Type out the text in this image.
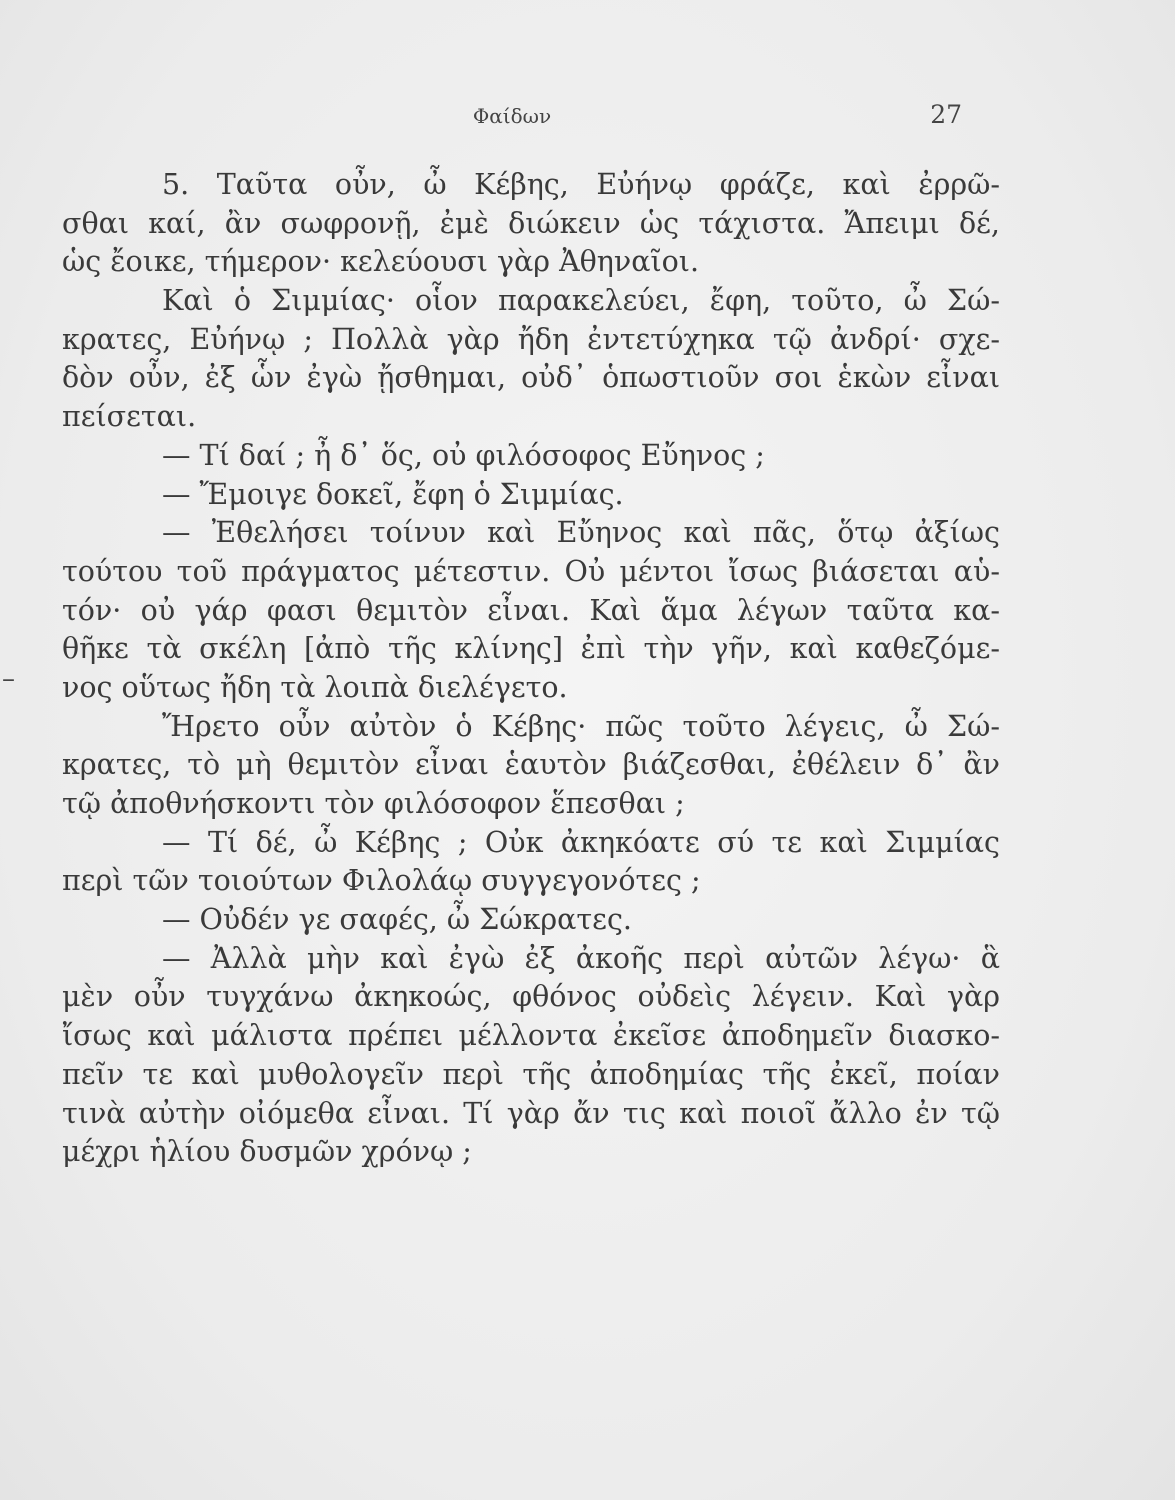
Φαίδων	27
–
5. Ταῦτα οὖν, ὦ Κέβης, Εὐήνῳ φράζε, καὶ ἐρρῶ-
σθαι καί, ἂν σωφρονῇ, ἐμὲ διώκειν ὡς τάχιστα. Ἄπειμι δέ,
ὡς ἔοικε, τήμερον· κελεύουσι γὰρ Ἀθηναῖοι.
Καὶ ὁ Σιμμίας· οἷον παρακελεύει, ἔφη, τοῦτο, ὦ Σώ-
κρατες, Εὐήνῳ ; Πολλὰ γὰρ ἤδη ἐντετύχηκα τῷ ἀνδρί· σχε-
δὸν οὖν, ἐξ ὧν ἐγὼ ᾔσθημαι, οὐδ᾽ ὁπωστιοῦν σοι ἑκὼν εἶναι
πείσεται.
— Τί δαί ; ἦ δ᾽ ὅς, οὐ φιλόσοφος Εὔηνος ;
— Ἔμοιγε δοκεῖ, ἔφη ὁ Σιμμίας.
— Ἐθελήσει τοίνυν καὶ Εὔηνος καὶ πᾶς, ὅτῳ ἀξίως
τούτου τοῦ πράγματος μέτεστιν. Οὐ μέντοι ἴσως βιάσεται αὑ-
τόν· οὐ γάρ φασι θεμιτὸν εἶναι. Καὶ ἅμα λέγων ταῦτα κα-
θῆκε τὰ σκέλη [ἀπὸ τῆς κλίνης] ἐπὶ τὴν γῆν, καὶ καθεζόμε-
νος οὕτως ἤδη τὰ λοιπὰ διελέγετο.
Ἤρετο οὖν αὐτὸν ὁ Κέβης· πῶς τοῦτο λέγεις, ὦ Σώ-
κρατες, τὸ μὴ θεμιτὸν εἶναι ἑαυτὸν βιάζεσθαι, ἐθέλειν δ᾽ ἂν
τῷ ἀποθνήσκοντι τὸν φιλόσοφον ἕπεσθαι ;
— Τί δέ, ὦ Κέβης ; Οὐκ ἀκηκόατε σύ τε καὶ Σιμμίας
περὶ τῶν τοιούτων Φιλολάῳ συγγεγονότες ;
— Οὐδέν γε σαφές, ὦ Σώκρατες.
— Ἀλλὰ μὴν καὶ ἐγὼ ἐξ ἀκοῆς περὶ αὐτῶν λέγω· ἃ
μὲν οὖν τυγχάνω ἀκηκοώς, φθόνος οὐδεὶς λέγειν. Καὶ γὰρ
ἴσως καὶ μάλιστα πρέπει μέλλοντα ἐκεῖσε ἀποδημεῖν διασκο-
πεῖν τε καὶ μυθολογεῖν περὶ τῆς ἀποδημίας τῆς ἐκεῖ, ποίαν
τινὰ αὐτὴν οἰόμεθα εἶναι. Τί γὰρ ἄν τις καὶ ποιοῖ ἄλλο ἐν τῷ
μέχρι ἡλίου δυσμῶν χρόνῳ ;
